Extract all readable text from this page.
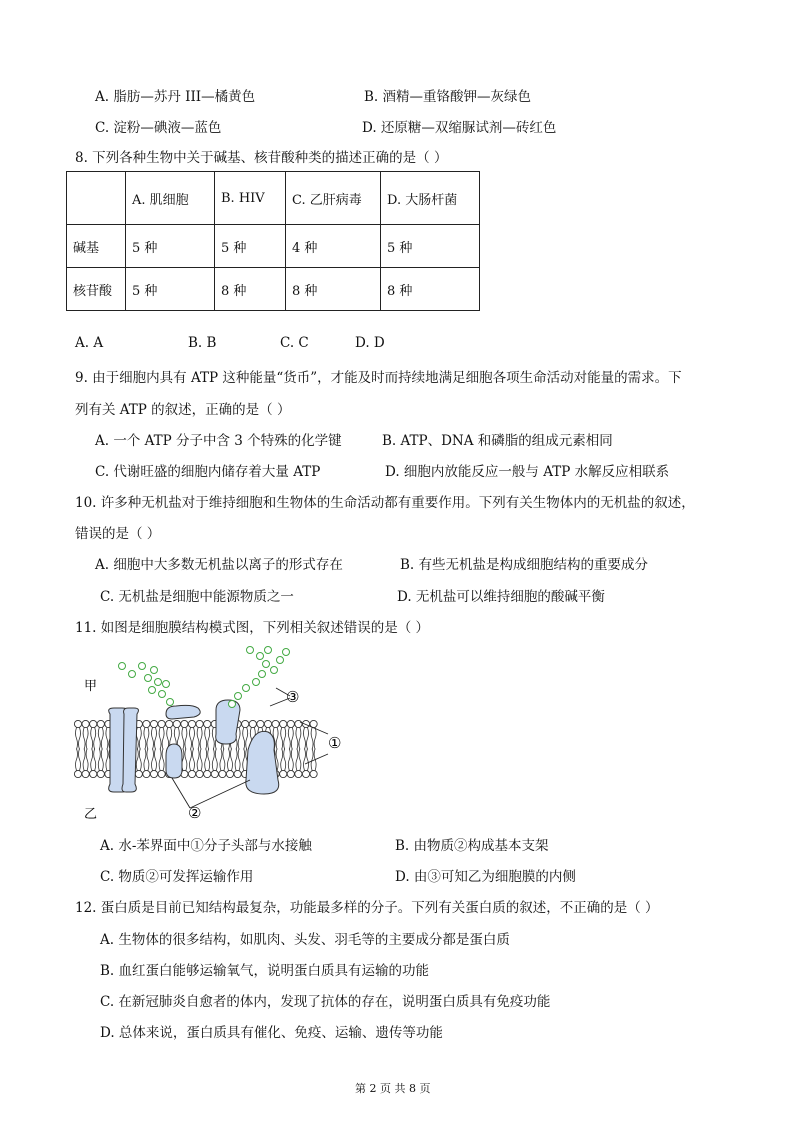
A. 脂肪—苏丹 III—橘黄色	B. 酒精—重铬酸钾—灰绿色
C. 淀粉—碘液—蓝色	D. 还原糖—双缩脲试剂—砖红色
8. 下列各种生物中关于碱基、核苷酸种类的描述正确的是（ ）
	A. 肌细胞	B. HIV	C. 乙肝病毒	D. 大肠杆菌
碱基	5 种	5 种	4 种	5 种
核苷酸	5 种	8 种	8 种	8 种
A. A	B. B	C. C	D. D
9. 由于细胞内具有 ATP 这种能量“货币”，才能及时而持续地满足细胞各项生命活动对能量的需求。下
列有关 ATP 的叙述，正确的是（ ）
A. 一个 ATP 分子中含 3 个特殊的化学键	B. ATP、DNA 和磷脂的组成元素相同
C. 代谢旺盛的细胞内储存着大量 ATP	D. 细胞内放能反应一般与 ATP 水解反应相联系
10. 许多种无机盐对于维持细胞和生物体的生命活动都有重要作用。下列有关生物体内的无机盐的叙述，
错误的是（ ）
A. 细胞中大多数无机盐以离子的形式存在	B. 有些无机盐是构成细胞结构的重要成分
C. 无机盐是细胞中能源物质之一	D. 无机盐可以维持细胞的酸碱平衡
11. 如图是细胞膜结构模式图，下列相关叙述错误的是（ ）
甲
乙
①
②
③
A. 水-苯界面中①分子头部与水接触	B. 由物质②构成基本支架
C. 物质②可发挥运输作用	D. 由③可知乙为细胞膜的内侧
12. 蛋白质是目前已知结构最复杂，功能最多样的分子。下列有关蛋白质的叙述，不正确的是（ ）
A. 生物体的很多结构，如肌肉、头发、羽毛等的主要成分都是蛋白质
B. 血红蛋白能够运输氧气，说明蛋白质具有运输的功能
C. 在新冠肺炎自愈者的体内，发现了抗体的存在，说明蛋白质具有免疫功能
D. 总体来说，蛋白质具有催化、免疫、运输、遗传等功能
第 2 页 共 8 页
